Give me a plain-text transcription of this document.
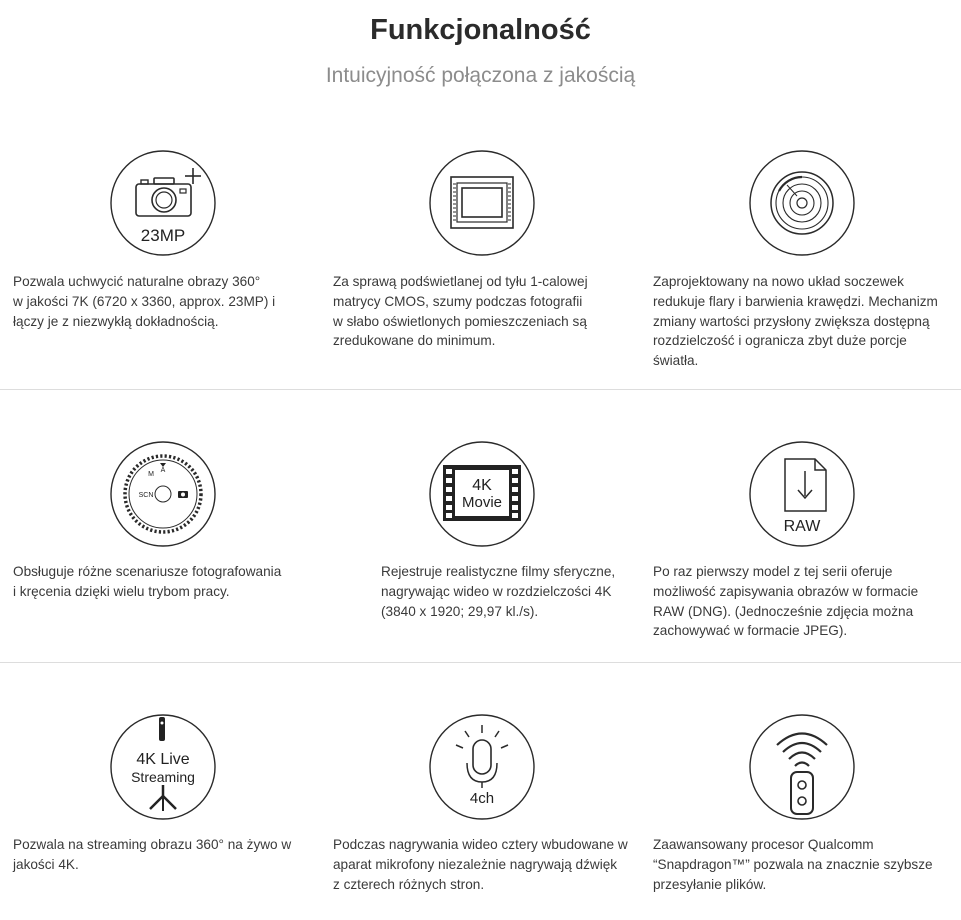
Funkcjonalność
Intuicyjność połączona z jakością
23MP

Pozwala uchwycić naturalne obrazy 360°

w jakości 7K (6720 x 3360, approx. 23MP) i

łączy je z niezwykłą dokładnością.

Za sprawą podświetlanej od tyłu 1-calowej

matrycy CMOS, szumy podczas fotografii

w słabo oświetlonych pomieszczeniach są

zredukowane do minimum.

Zaprojektowany na nowo układ soczewek

redukuje flary i barwienia krawędzi. Mechanizm

zmiany wartości przysłony zwiększa dostępną

rozdzielczość i ogranicza zbyt duże porcje

światła.

SCN
A
M
4K
Movie
RAW

Obsługuje różne scenariusze fotografowania

i kręcenia dzięki wielu trybom pracy.

Rejestruje realistyczne filmy sferyczne,

nagrywając wideo w rozdzielczości 4K

(3840 x 1920; 29,97 kl./s).

Po raz pierwszy model z tej serii oferuje

możliwość zapisywania obrazów w formacie

RAW (DNG). (Jednocześnie zdjęcia można

zachowywać w formacie JPEG).

4K Live
Streaming
4ch

Pozwala na streaming obrazu 360° na żywo w

jakości 4K.

Podczas nagrywania wideo cztery wbudowane w

aparat mikrofony niezależnie nagrywają dźwięk

z czterech różnych stron.

Zaawansowany procesor Qualcomm

“Snapdragon™” pozwala na znacznie szybsze

przesyłanie plików.
